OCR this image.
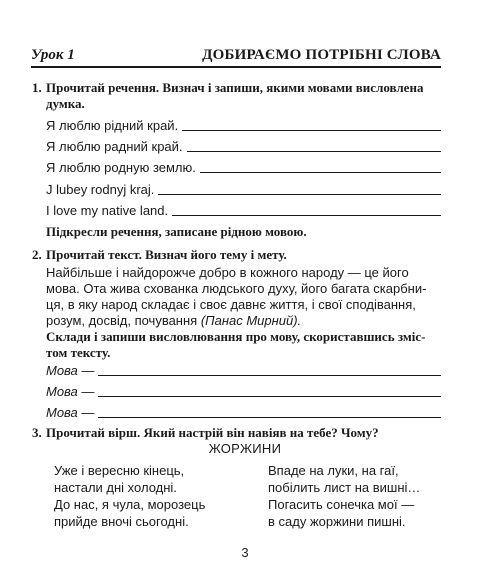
Урок 1	ДОБИРАЄМО ПОТРІБНІ СЛОВА
1. Прочитай речення. Визнач і запиши, якими мовами висловлена
думка.
Я люблю рідний край.
Я люблю радний край.
Я люблю родную землю.
J lubey rodnyj kraj.
I love my native land.
Підкресли речення, записане рідною мовою.
2. Прочитай текст. Визнач його тему і мету.
Найбільше і найдорожче добро в кожного народу — це його
мова. Ота жива схованка людського духу, його багата скарбни-
ця, в яку народ складає і своє давнє життя, і свої сподівання,
розум, досвід, почування (Панас Мирний).
Склади і запиши висловлювання про мову, скориставшись зміс-
том тексту.
Мова —
Мова —
Мова —
3. Прочитай вірш. Який настрій він навіяв на тебе? Чому?
ЖОРЖИНИ
Уже і вересню кінець,
настали дні холодні.
До нас, я чула, морозець
прийде вночі сьогодні.
Впаде на луки, на гаї,
побілить лист на вишні…
Погасить сонечка мої —
в саду жоржини пишні.
3
